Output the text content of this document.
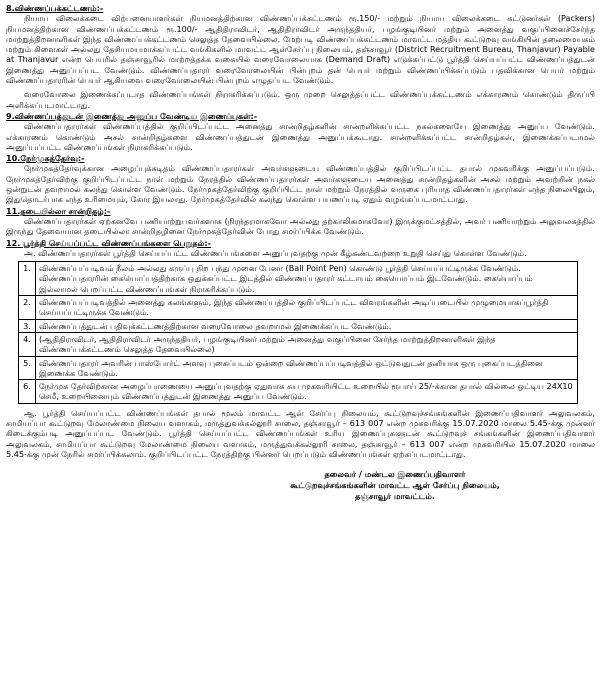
8.விண்ணப்பக்கட்டணம்:-

நியாய விலைக்கடை விற்பனையாளர்கள் நியமனத்திற்கான விண்ணப்பக்கட்டணம் ரூ.150/- மற்றும் நியாய விலைக்கடை கட்டுனர்கள் (Packers) நியமனத்திற்கான விண்ணப்பக்கட்டணம் ரூ.100/- ஆதிதிராவிடர், ஆதிதிராவிடர் அருந்ததியர், பழங்குடியினர் மற்றும் அனைத்து வகுப்பினைச்சேர்ந்த மாற்றுத்திறனாளிகள் இந்த விண்ணப்பக்கட்டணம் செலுத்த தேவையில்லை. மேற்படி விண்ணப்பக்கட்டணம் மாவட்ட மத்திய கூட்டுறவு வங்கியின் தலைமையகம் மற்றும் கிளைகள் அல்லது தேசியமயமாக்கப்பட்ட வங்கிகளில் மாவட்ட ஆள்சேர்ப்பு நிலையம், தஞ்சாவூர் (District Recruitment Bureau, Thanjavur) Payable at Thanjavur என்ற பெயரில் தஞ்சாவூரில் மாற்றத்தக்க வகையில் வரைவோலையாக (Demand Draft) எடுக்கப்பட்டு பூர்த்தி செய்யப்பட்ட விண்ணப்பத்துடன் இணைத்து அனுப்பப்பட வேண்டும். விண்ணப்பதாரர் வரைவோலையின் பின்புறம் தன் பெயர் மற்றும் விண்ணப்பிக்கப்படும் பதவிக்கான பெயர் மற்றும் விண்ணப்பதாரரின் பெயர் ஆகியவை வரைவோலையின் பின்புறம் எழுதப்பட வேண்டும்.

வரைவோலை இணைக்கப்படாத விண்ணப்பங்கள் நிராகரிக்கப்படும். ஒரு முறை செலுத்தப்பட்ட விண்ணப்பக்கட்டணம் எக்காரணம் கொண்டும் திருப்பி அளிக்கப்படமாட்டாது.

9.விண்ணப்பத்துடன் இணைத்து அனுப்ப வேண்டிய இணைப்புகள்:-

விண்ணப்பதாரர்கள் விண்ணப்பத்தில் குறிப்பிடப்பட்ட அனைத்து சான்றிதழ்களின் சான்றளிக்கப்பட்ட நகல்களையே இணைத்து அனுப்ப வேண்டும். எக்காரணம் கொண்டும் அசல் சான்றிதழ்களை விண்ணப்பத்துடன் இணைத்து அனுப்பக்கூடாது. சான்றளிக்கப்பட்ட சான்றிதழ்கள், இணைக்கப்படாமல் அனுப்பப்பட்ட விண்ணப்பங்கள் நிராகரிக்கப்படும்.

10.நேர்முகத்தேர்வு:-

நேர்முகத்தேர்வுக்கான அழைப்புக்கடிதம் விண்ணப்பதாரர்கள் அவர்களுடைய விண்ணப்பத்தில் குறிப்பிடப்பட்ட தபால் முகவரிக்கு அனுப்பப்படும். நேர்முகத்தேர்விற்கு குறிப்பிடப்பட்ட நாள் மற்றும் நேரத்தில் விண்ணப்பதாரர்கள் அவர்களுடைய அனைத்து சான்றிதழ்களின் அசல் மற்றும் அவற்றின் நகல் ஒன்றுடன் தவறாமல் கலந்து கொள்ள வேண்டும். நேர்முகத்தேர்விற்கு குறிப்பிட்ட நாள் மற்றும் நேரத்தில் வருகை புரியாத விண்ணப்பதாரர்கள் எந்த நிலையிலும், இதுதொடர்பாக எந்த உரிமையும், கோர இயலாது. நேர்முகத்தேர்வில் கலந்து கொள்ள பயணப்படி ஏதும் வழங்கப்படமாட்டாது.

11.தடையில்லா சான்றிதழ்:-

விண்ணப்பதாரர்கள் ஏற்கனவே பணியாற்றுபவர்களாக (நிரந்தரமாகவோ அல்லது தற்காலிகமாகவோ) இருக்குமட்சத்தில், அவர் பணியாற்றும் அலுவலகத்தில் இருந்து தேவையான தடையில்லா சான்றிதழினை நேர்முகத்தேர்வின் போது சமர்ப்பிக்க வேண்டும்.

12. பூர்த்தி செய்யப்பட்ட விண்ணப்பங்களை பெறுதல்:-

அ. விண்ணப்பதாரர்கள் பூர்த்தி செய்யப்பட்ட விண்ணப்பங்களை அனுப்புவதற்கு முன் கீழ்கண்டவற்றை உறுதி செய்து கொள்ள வேண்டும்.

1.	விண்ணப்பப்படிவம் நீலம் அல்லது கருப்பு நிற பந்து முனை பேனா (Ball Point Pen) கொண்டு பூர்த்தி செய்யப்பட்டிருக்க வேண்டும். விண்ணப்பதாரரின் கையொப்பத்திற்காக ஒதுக்கப்பட்ட இடத்தில் விண்ணப்பதாரர் கட்டாயம் கையொப்பம் இடவேண்டும். கையொப்பம் இல்லாமல் பெறப்பட்ட விண்ணப்பங்கள் நிராகரிக்கப்படும்.
2.	விண்ணப்பப்படிவத்தில் அனைத்து கலங்களும், இந்த விண்ணப்பத்தில் குறிப்பிடப்பட்ட விவரங்களின் அடிப்படையில் முழுமையாகப்பூர்த்தி செய்யப்பட்டிருக்க வேண்டும்.
3.	விண்ணப்பத்துடன் பதிவுக்கட்டணத்திற்கான வரைவோலை தவறாமல் இணைக்கப்பட வேண்டும்.
4.	(ஆதிதிராவிடர், ஆதிதிராவிடர் அருந்ததியர், பழங்குடியினர் மற்றும் அனைத்து வகுப்பினை சேர்ந்த மாற்றுத்திறனாளிகள் இந்த விண்ணப்பக்கட்டணம் செலுத்த தேவையில்லை)
5.	விண்ணப்பதாரர் அவரின் பாஸ்போர்ட் அளவு புகைப்படம் ஒன்றை விண்ணப்பப்படிவத்தில் ஒட்டுவதுடன் தனியாக ஒரு புகைப்படத்தினை இணைக்க வேண்டும்.
6.	நேர்முக தேர்விற்கான அழைப்பாணையை அனுப்புவதற்கு ஏதுவாக சுய முகவரியிட்ட உறையில் ரூபாய் 25/-க்கான தபால் வில்லை ஒட்டிய 24X10 செமீ, உறையினையும் விண்ணப்பத்துடன் இணைத்து அனுப்ப வேண்டும்.

ஆ. பூர்த்தி செய்யப்பட்ட விண்ணப்பங்கள் தபால் மூலம் மாவட்ட ஆள் சேர்ப்பு நிலையம், கூட்டுறவுச்சங்கங்களின் இணைப்பதிவாளர் அலுவலகம், சாமியப்பா கூட்டுறவு மேலாண்மை நிலைய வளாகம், மருத்துவக்கல்லூரி சாலை, தஞ்சாவூர் – 613 007 என்ற முகவரிக்கு 15.07.2020 மாலை 5.45-க்கு முன்னர் கிடைக்கும்படி அனுப்பப்பட வேண்டும். பூர்த்தி செய்யப்பட்ட விண்ணப்பங்கள் உரிய இணைப்புகளுடன் கூட்டுறவுச் சங்கங்களின் இணைப்பதிவாளர் அலுவலகம், சாமியப்பா கூட்டுறவு மேலாண்மை நிலைய வளாகம், மருத்துவக்கல்லூரி சாலை, தஞ்சாவூர் – 613 007 என்ற முகவரியில் 15.07.2020 மாலை 5.45-க்கு முன் நேரில் சமர்ப்பிக்கலாம். குறிப்பிடப்பட்ட நேரத்திற்கு பின்னர் பெறப்படும் விண்ணப்பங்கள் ஏற்கப்படமாட்டாது.

தலைவர் / மண்டல இணைப்பதிவாளர்
கூட்டுறவுச்சங்கங்களின் மாவட்ட ஆள் சேர்ப்பு நிலையம்,
தஞ்சாவூர் மாவட்டம்.
